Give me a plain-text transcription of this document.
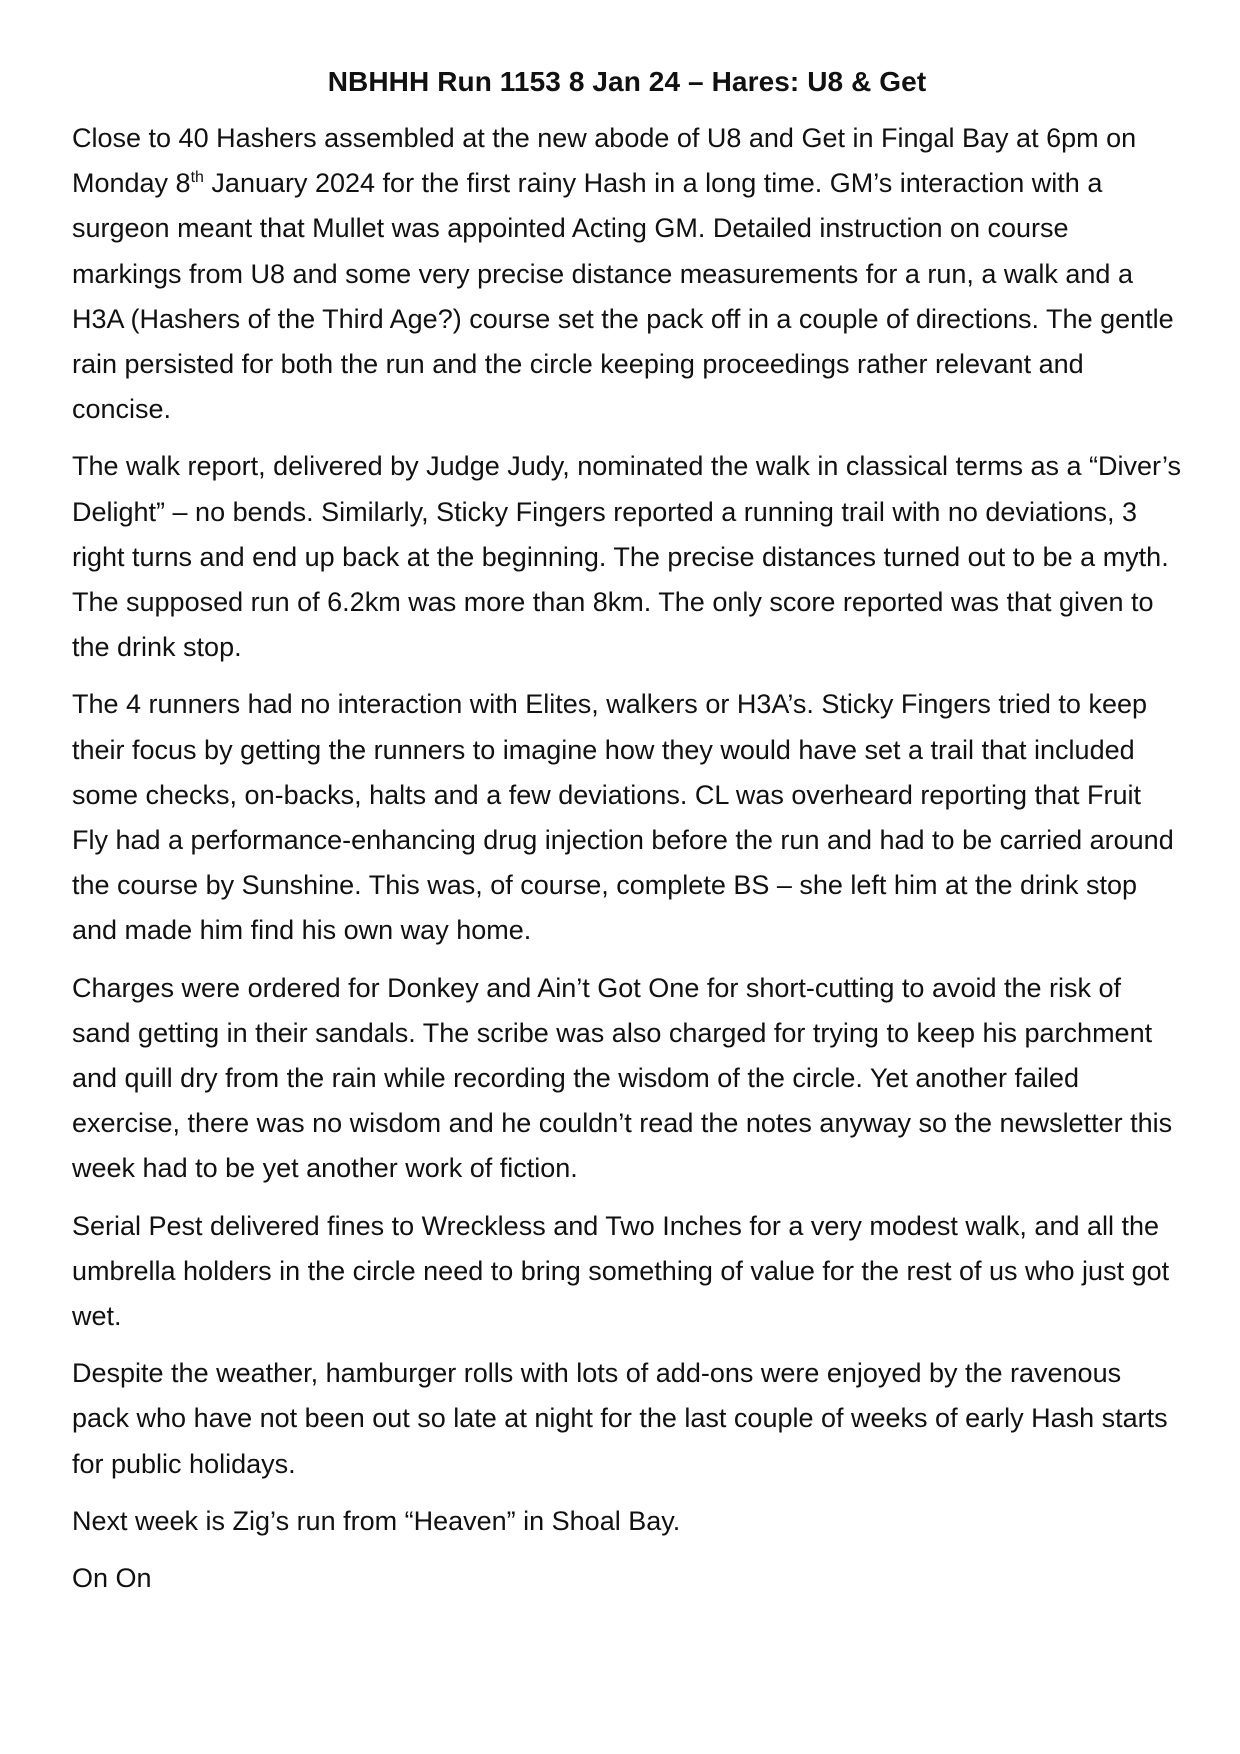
NBHHH Run 1153 8 Jan 24 – Hares: U8 & Get

Close to 40 Hashers assembled at the new abode of U8 and Get in Fingal Bay at 6pm on Monday 8th January 2024 for the first rainy Hash in a long time. GM’s interaction with a surgeon meant that Mullet was appointed Acting GM. Detailed instruction on course markings from U8 and some very precise distance measurements for a run, a walk and a H3A (Hashers of the Third Age?) course set the pack off in a couple of directions. The gentle rain persisted for both the run and the circle keeping proceedings rather relevant and concise.

The walk report, delivered by Judge Judy, nominated the walk in classical terms as a “Diver’s Delight” – no bends. Similarly, Sticky Fingers reported a running trail with no deviations, 3 right turns and end up back at the beginning. The precise distances turned out to be a myth. The supposed run of 6.2km was more than 8km. The only score reported was that given to the drink stop.

The 4 runners had no interaction with Elites, walkers or H3A’s. Sticky Fingers tried to keep their focus by getting the runners to imagine how they would have set a trail that included some checks, on-backs, halts and a few deviations. CL was overheard reporting that Fruit Fly had a performance-enhancing drug injection before the run and had to be carried around the course by Sunshine. This was, of course, complete BS – she left him at the drink stop and made him find his own way home.

Charges were ordered for Donkey and Ain’t Got One for short-cutting to avoid the risk of sand getting in their sandals. The scribe was also charged for trying to keep his parchment and quill dry from the rain while recording the wisdom of the circle. Yet another failed exercise, there was no wisdom and he couldn’t read the notes anyway so the newsletter this week had to be yet another work of fiction.

Serial Pest delivered fines to Wreckless and Two Inches for a very modest walk, and all the umbrella holders in the circle need to bring something of value for the rest of us who just got wet.

Despite the weather, hamburger rolls with lots of add-ons were enjoyed by the ravenous pack who have not been out so late at night for the last couple of weeks of early Hash starts for public holidays.

Next week is Zig’s run from “Heaven” in Shoal Bay.

On On
